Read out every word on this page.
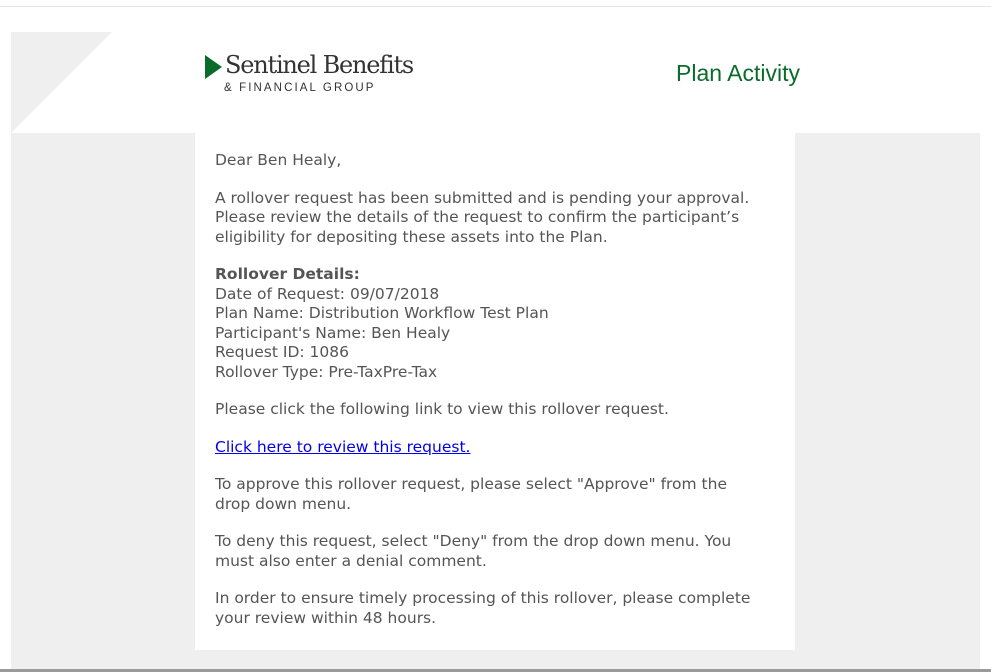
Sentinel Benefits
& FINANCIAL GROUP
Plan Activity

Dear Ben Healy,

A rollover request has been submitted and is pending your approval.
Please review the details of the request to confirm the participant’s
eligibility for depositing these assets into the Plan.

Rollover Details:
Date of Request: 09/07/2018
Plan Name: Distribution Workflow Test Plan
Participant's Name: Ben Healy
Request ID: 1086
Rollover Type: Pre-TaxPre-Tax

Please click the following link to view this rollover request.

Click here to review this request.

To approve this rollover request, please select "Approve" from the
drop down menu.

To deny this request, select "Deny" from the drop down menu. You
must also enter a denial comment.

In order to ensure timely processing of this rollover, please complete
your review within 48 hours.
